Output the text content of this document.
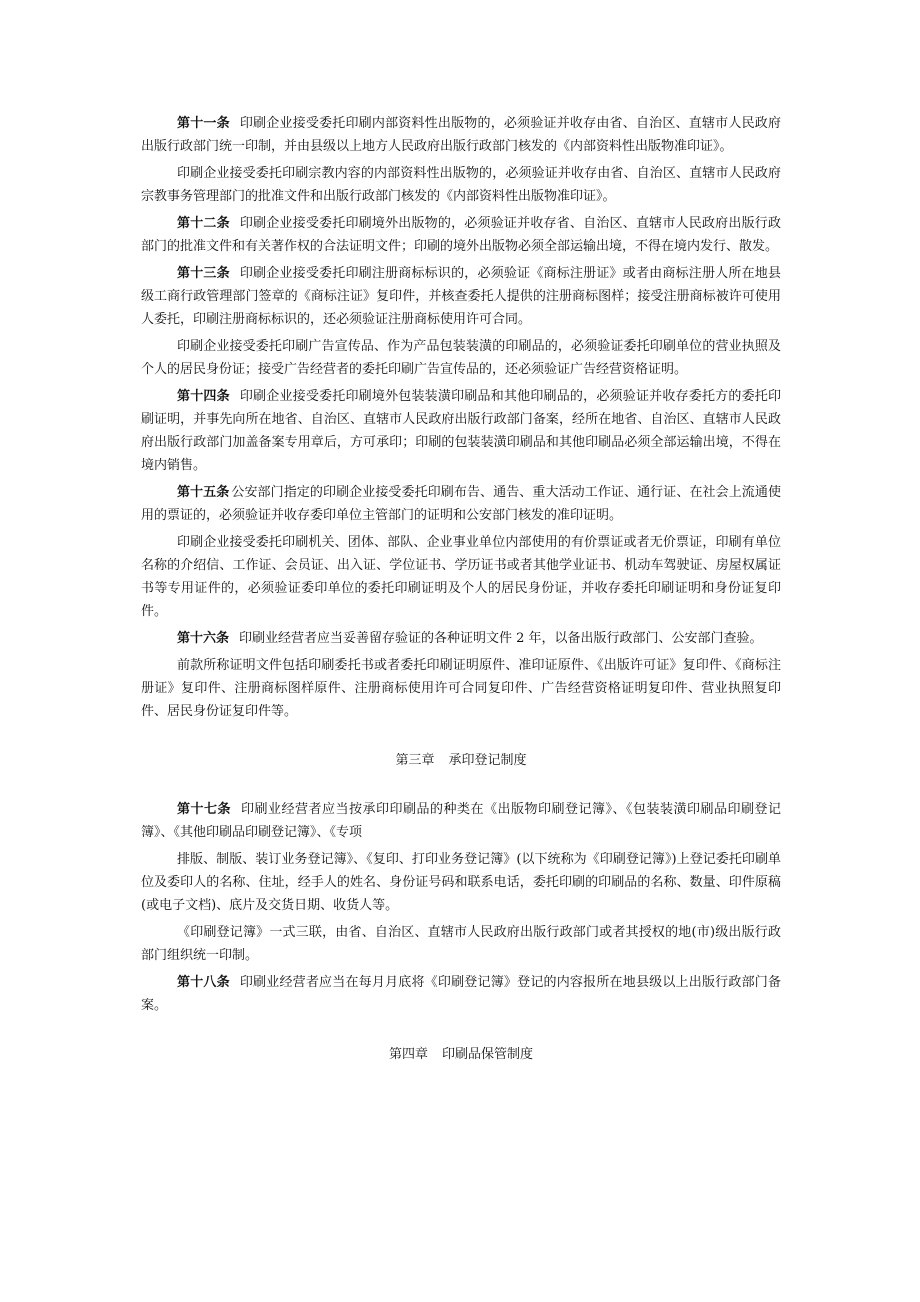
第十一条 印刷企业接受委托印刷内部资料性出版物的，必须验证并收存由省、自治区、直辖市人民政府出版行政部门统一印制，并由县级以上地方人民政府出版行政部门核发的《内部资料性出版物准印证》。

印刷企业接受委托印刷宗教内容的内部资料性出版物的，必须验证并收存由省、自治区、直辖市人民政府宗教事务管理部门的批准文件和出版行政部门核发的《内部资料性出版物准印证》。

第十二条 印刷企业接受委托印刷境外出版物的，必须验证并收存省、自治区、直辖市人民政府出版行政部门的批准文件和有关著作权的合法证明文件；印刷的境外出版物必须全部运输出境，不得在境内发行、散发。

第十三条 印刷企业接受委托印刷注册商标标识的，必须验证《商标注册证》或者由商标注册人所在地县级工商行政管理部门签章的《商标注证》复印件，并核查委托人提供的注册商标图样；接受注册商标被许可使用人委托，印刷注册商标标识的，还必须验证注册商标使用许可合同。

印刷企业接受委托印刷广告宣传品、作为产品包装装潢的印刷品的，必须验证委托印刷单位的营业执照及个人的居民身份证；接受广告经营者的委托印刷广告宣传品的，还必须验证广告经营资格证明。

第十四条 印刷企业接受委托印刷境外包装装潢印刷品和其他印刷品的，必须验证并收存委托方的委托印刷证明，并事先向所在地省、自治区、直辖市人民政府出版行政部门备案，经所在地省、自治区、直辖市人民政府出版行政部门加盖备案专用章后，方可承印；印刷的包装装潢印刷品和其他印刷品必须全部运输出境，不得在境内销售。

第十五条 公安部门指定的印刷企业接受委托印刷布告、通告、重大活动工作证、通行证、在社会上流通使用的票证的，必须验证并收存委印单位主管部门的证明和公安部门核发的准印证明。

印刷企业接受委托印刷机关、团体、部队、企业事业单位内部使用的有价票证或者无价票证，印刷有单位名称的介绍信、工作证、会员证、出入证、学位证书、学历证书或者其他学业证书、机动车驾驶证、房屋权属证书等专用证件的，必须验证委印单位的委托印刷证明及个人的居民身份证，并收存委托印刷证明和身份证复印件。

第十六条 印刷业经营者应当妥善留存验证的各种证明文件 2 年，以备出版行政部门、公安部门查验。

前款所称证明文件包括印刷委托书或者委托印刷证明原件、准印证原件、《出版许可证》复印件、《商标注册证》复印件、注册商标图样原件、注册商标使用许可合同复印件、广告经营资格证明复印件、营业执照复印件、居民身份证复印件等。

第三章 承印登记制度

第十七条 印刷业经营者应当按承印印刷品的种类在《出版物印刷登记簿》、《包装装潢印刷品印刷登记簿》、《其他印刷品印刷登记簿》、《专项

排版、制版、装订业务登记簿》、《复印、打印业务登记簿》(以下统称为《印刷登记簿》)上登记委托印刷单位及委印人的名称、住址，经手人的姓名、身份证号码和联系电话，委托印刷的印刷品的名称、数量、印件原稿(或电子文档)、底片及交货日期、收货人等。

《印刷登记簿》一式三联，由省、自治区、直辖市人民政府出版行政部门或者其授权的地(市)级出版行政部门组织统一印制。

第十八条 印刷业经营者应当在每月月底将《印刷登记簿》登记的内容报所在地县级以上出版行政部门备案。

第四章 印刷品保管制度
